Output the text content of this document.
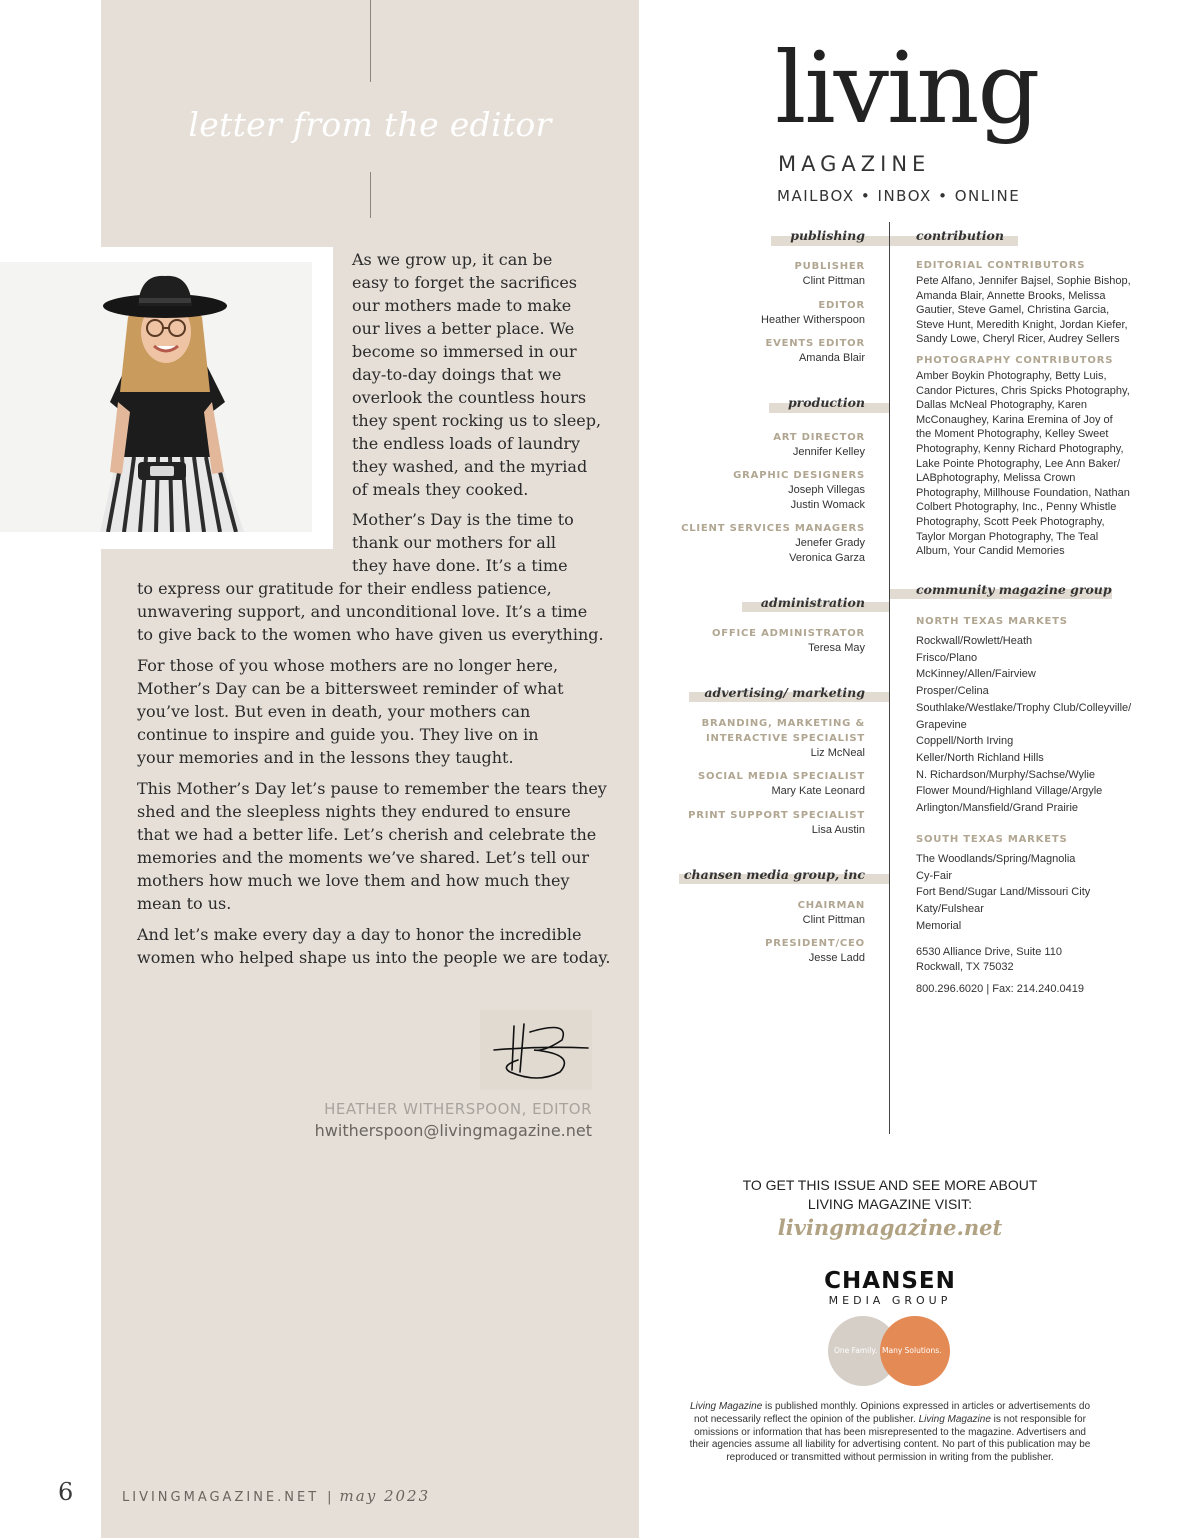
letter from the editor
As we grow up, it can be
easy to forget the sacrifices
our mothers made to make
our lives a better place. We
become so immersed in our
day-to-day doings that we
overlook the countless hours
they spent rocking us to sleep,
the endless loads of laundry
they washed, and the myriad
of meals they cooked.
Mother’s Day is the time to
thank our mothers for all
they have done. It’s a time
to express our gratitude for their endless patience,
unwavering support, and unconditional love. It’s a time
to give back to the women who have given us everything.
For those of you whose mothers are no longer here,
Mother’s Day can be a bittersweet reminder of what
you’ve lost. But even in death, your mothers can
continue to inspire and guide you. They live on in
your memories and in the lessons they taught.
This Mother’s Day let’s pause to remember the tears they
shed and the sleepless nights they endured to ensure
that we had a better life. Let’s cherish and celebrate the
memories and the moments we’ve shared. Let’s tell our
mothers how much we love them and how much they
mean to us.
And let’s make every day a day to honor the incredible
women who helped shape us into the people we are today.
HEATHER WITHERSPOON, EDITOR
hwitherspoon@livingmagazine.net
6	LIVINGMAGAZINE.NET | may 2023
living
MAGAZINE
MAILBOX • INBOX • ONLINE
publishing
production
administration
advertising/ marketing
chansen media group, inc
contribution
community magazine group
PUBLISHER
Clint Pittman
EDITOR
Heather Witherspoon
EVENTS EDITOR
Amanda Blair
ART DIRECTOR
Jennifer Kelley
GRAPHIC DESIGNERS
Joseph Villegas
Justin Womack
CLIENT SERVICES MANAGERS
Jenefer Grady
Veronica Garza
OFFICE ADMINISTRATOR
Teresa May
BRANDING, MARKETING &
INTERACTIVE SPECIALIST
Liz McNeal
SOCIAL MEDIA SPECIALIST
Mary Kate Leonard
PRINT SUPPORT SPECIALIST
Lisa Austin
CHAIRMAN
Clint Pittman
PRESIDENT/CEO
Jesse Ladd
EDITORIAL CONTRIBUTORS
Pete Alfano, Jennifer Bajsel, Sophie Bishop, Amanda Blair, Annette Brooks, Melissa Gautier, Steve Gamel, Christina Garcia, Steve Hunt, Meredith Knight, Jordan Kiefer, Sandy Lowe, Cheryl Ricer, Audrey Sellers
PHOTOGRAPHY CONTRIBUTORS
Amber Boykin Photography, Betty Luis, Candor Pictures, Chris Spicks Photography, Dallas McNeal Photography, Karen McConaughey, Karina Eremina of Joy of the Moment Photography, Kelley Sweet Photography, Kenny Richard Photography, Lake Pointe Photography, Lee Ann Baker/ LABphotography, Melissa Crown Photography, Millhouse Foundation, Nathan Colbert Photography, Inc., Penny Whistle Photography, Scott Peek Photography, Taylor Morgan Photography, The Teal Album, Your Candid Memories
NORTH TEXAS MARKETS
Rockwall/Rowlett/Heath
Frisco/Plano
McKinney/Allen/Fairview
Prosper/Celina
Southlake/Westlake/Trophy Club/Colleyville/
Grapevine
Coppell/North Irving
Keller/North Richland Hills
N. Richardson/Murphy/Sachse/Wylie
Flower Mound/Highland Village/Argyle
Arlington/Mansfield/Grand Prairie
SOUTH TEXAS MARKETS
The Woodlands/Spring/Magnolia
Cy-Fair
Fort Bend/Sugar Land/Missouri City
Katy/Fulshear
Memorial
6530 Alliance Drive, Suite 110
Rockwall, TX 75032
800.296.6020 | Fax: 214.240.0419
TO GET THIS ISSUE AND SEE MORE ABOUT
LIVING MAGAZINE VISIT:
livingmagazine.net
CHANSEN
MEDIA GROUP
One Family. Many Solutions.
Living Magazine is published monthly. Opinions expressed in articles or advertisements do not necessarily reflect the opinion of the publisher. Living Magazine is not responsible for omissions or information that has been misrepresented to the magazine. Advertisers and their agencies assume all liability for advertising content. No part of this publication may be reproduced or transmitted without permission in writing from the publisher.
